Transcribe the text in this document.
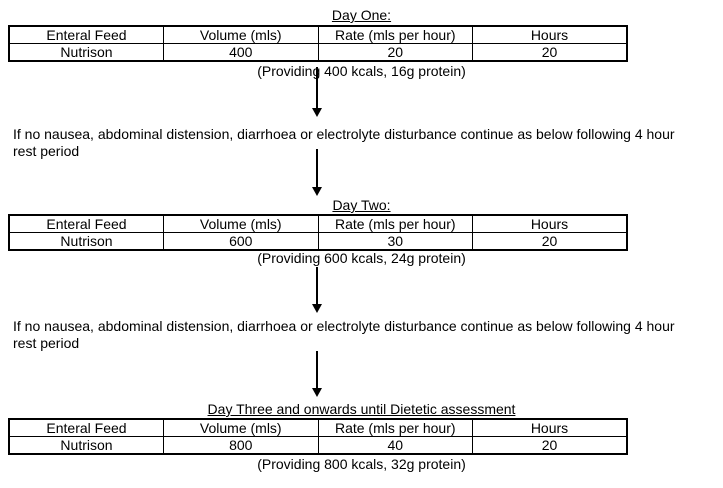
Day One:
Enteral Feed	Volume (mls)	Rate (mls per hour)	Hours
Nutrison	400	20	20
(Providing 400 kcals, 16g protein)
If no nausea, abdominal distension, diarrhoea or electrolyte disturbance continue as below following 4 hour
rest period
Day Two:
Enteral Feed	Volume (mls)	Rate (mls per hour)	Hours
Nutrison	600	30	20
(Providing 600 kcals, 24g protein)
If no nausea, abdominal distension, diarrhoea or electrolyte disturbance continue as below following 4 hour
rest period
Day Three and onwards until Dietetic assessment
Enteral Feed	Volume (mls)	Rate (mls per hour)	Hours
Nutrison	800	40	20
(Providing 800 kcals, 32g protein)
